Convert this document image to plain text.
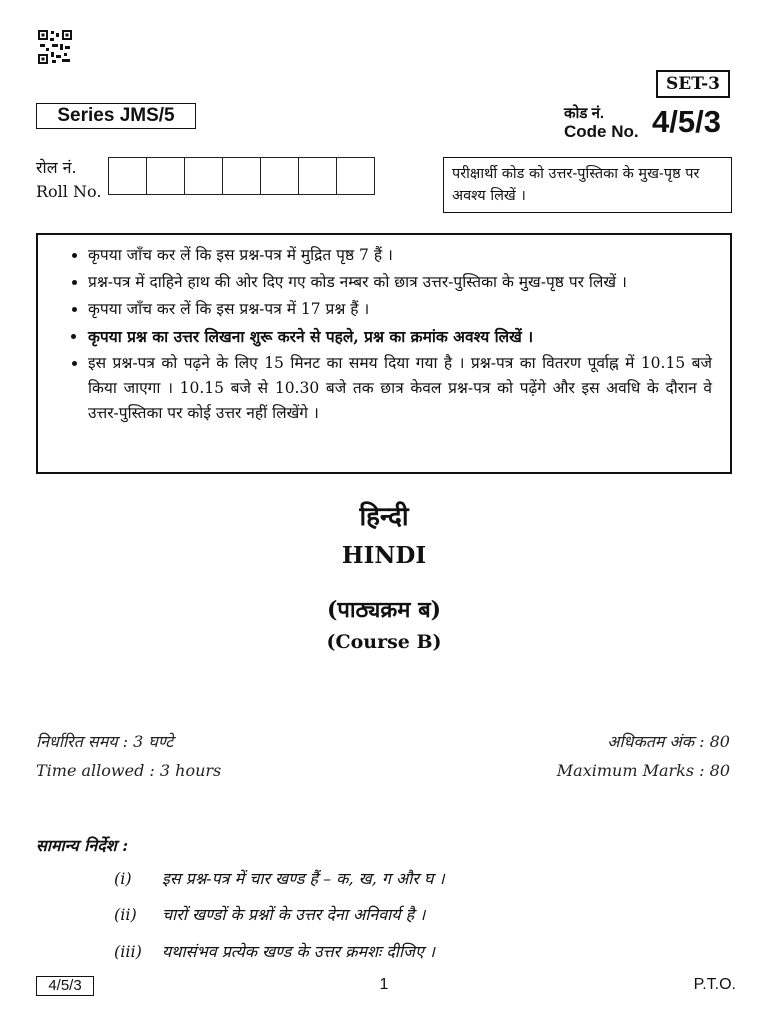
SET-3
Series JMS/5	कोड नं.
Code No. 4/5/3
रोल नं.
Roll No.
परीक्षार्थी कोड को उत्तर-पुस्तिका के मुख-पृष्ठ पर अवश्य लिखें ।
• कृपया जाँच कर लें कि इस प्रश्न-पत्र में मुद्रित पृष्ठ 7 हैं ।
• प्रश्न-पत्र में दाहिने हाथ की ओर दिए गए कोड नम्बर को छात्र उत्तर-पुस्तिका के मुख-पृष्ठ पर लिखें ।
• कृपया जाँच कर लें कि इस प्रश्न-पत्र में 17 प्रश्न हैं ।
• कृपया प्रश्न का उत्तर लिखना शुरू करने से पहले, प्रश्न का क्रमांक अवश्य लिखें ।
• इस प्रश्न-पत्र को पढ़ने के लिए 15 मिनट का समय दिया गया है । प्रश्न-पत्र का वितरण पूर्वाह्न में 10.15 बजे किया जाएगा । 10.15 बजे से 10.30 बजे तक छात्र केवल प्रश्न-पत्र को पढ़ेंगे और इस अवधि के दौरान वे उत्तर-पुस्तिका पर कोई उत्तर नहीं लिखेंगे ।
हिन्दी
HINDI
(पाठ्यक्रम ब)
(Course B)
निर्धारित समय : 3 घण्टे
Time allowed : 3 hours
अधिकतम अंक : 80
Maximum Marks : 80
सामान्य निर्देश :
(i) इस प्रश्न-पत्र में चार खण्ड हैं – क, ख, ग और घ ।
(ii) चारों खण्डों के प्रश्नों के उत्तर देना अनिवार्य है ।
(iii) यथासंभव प्रत्येक खण्ड के उत्तर क्रमशः दीजिए ।
4/5/3	1	P.T.O.
